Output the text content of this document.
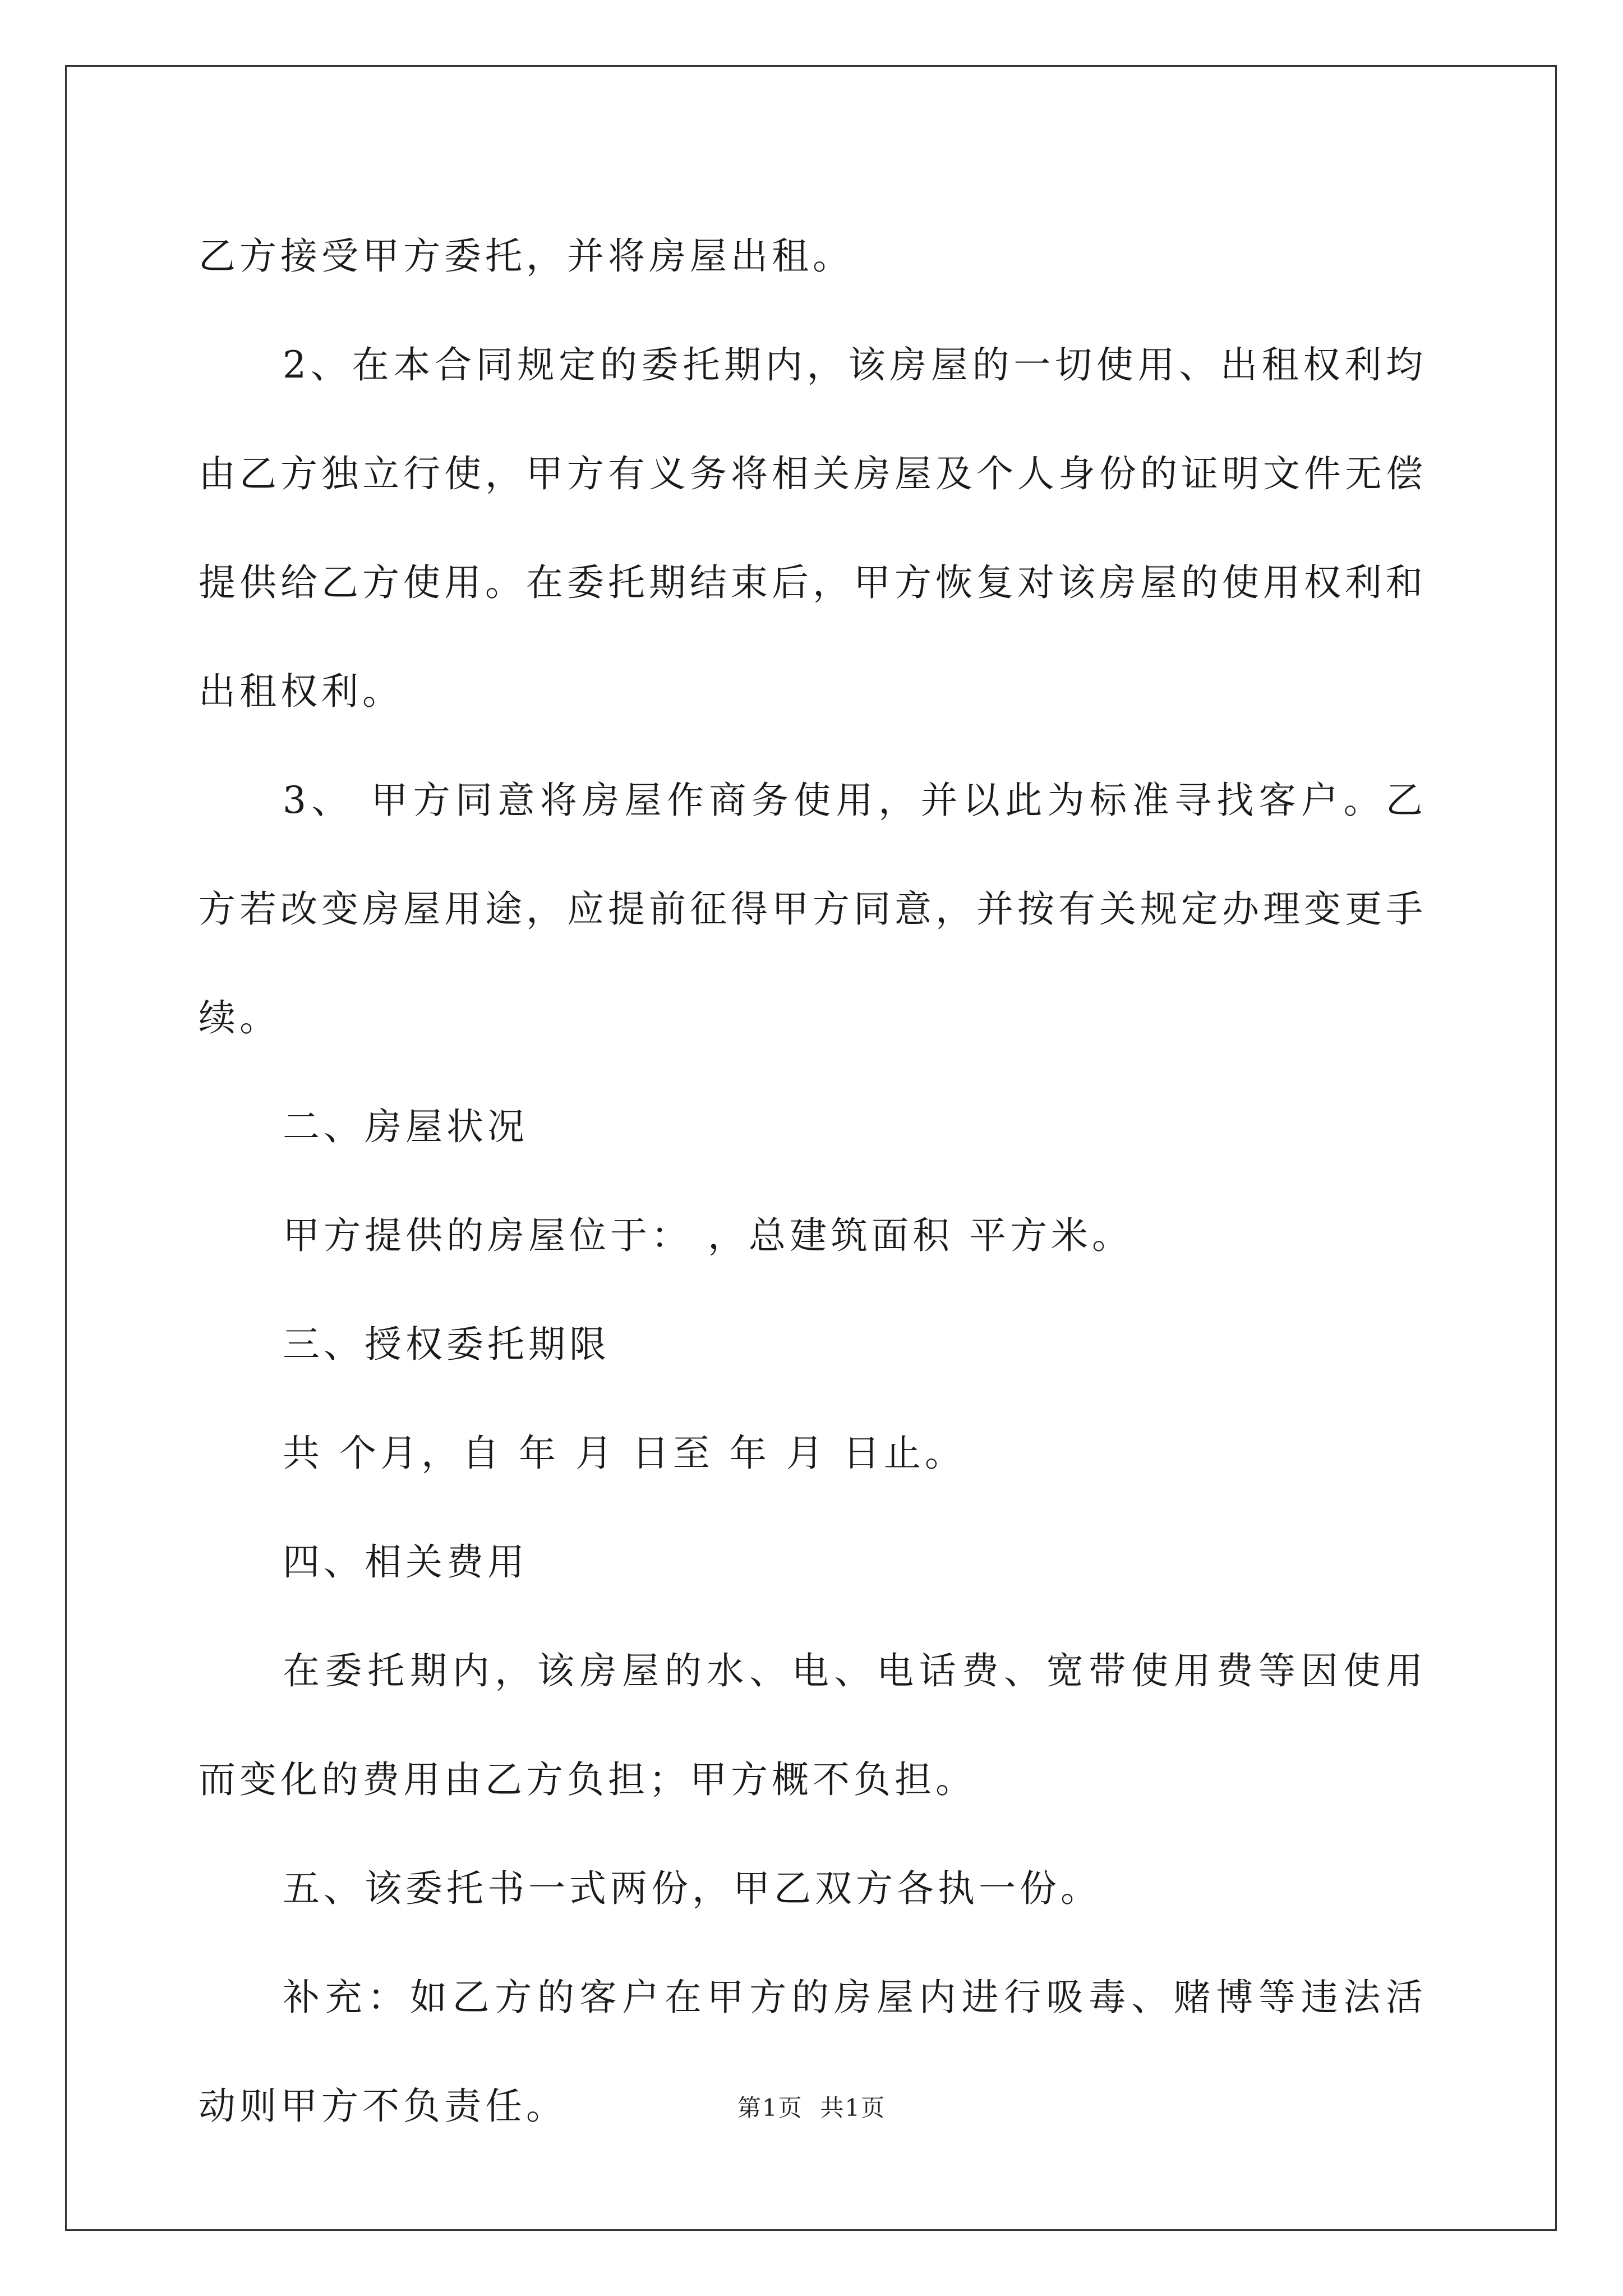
乙方接受甲方委托，并将房屋出租。

2、在本合同规定的委托期内，该房屋的一切使用、出租权利均由乙方独立行使，甲方有义务将相关房屋及个人身份的证明文件无偿提供给乙方使用。在委托期结束后，甲方恢复对该房屋的使用权利和出租权利。

3、 甲方同意将房屋作商务使用，并以此为标准寻找客户。乙方若改变房屋用途，应提前征得甲方同意，并按有关规定办理变更手续。

二、房屋状况

甲方提供的房屋位于： ，总建筑面积 平方米。

三、授权委托期限

共 个月，自 年 月 日至 年 月 日止。

四、相关费用

在委托期内，该房屋的水、电、电话费、宽带使用费等因使用而变化的费用由乙方负担；甲方概不负担。

五、该委托书一式两份，甲乙双方各执一份。

补充：如乙方的客户在甲方的房屋内进行吸毒、赌博等违法活动则甲方不负责任。	第1页  共1页
